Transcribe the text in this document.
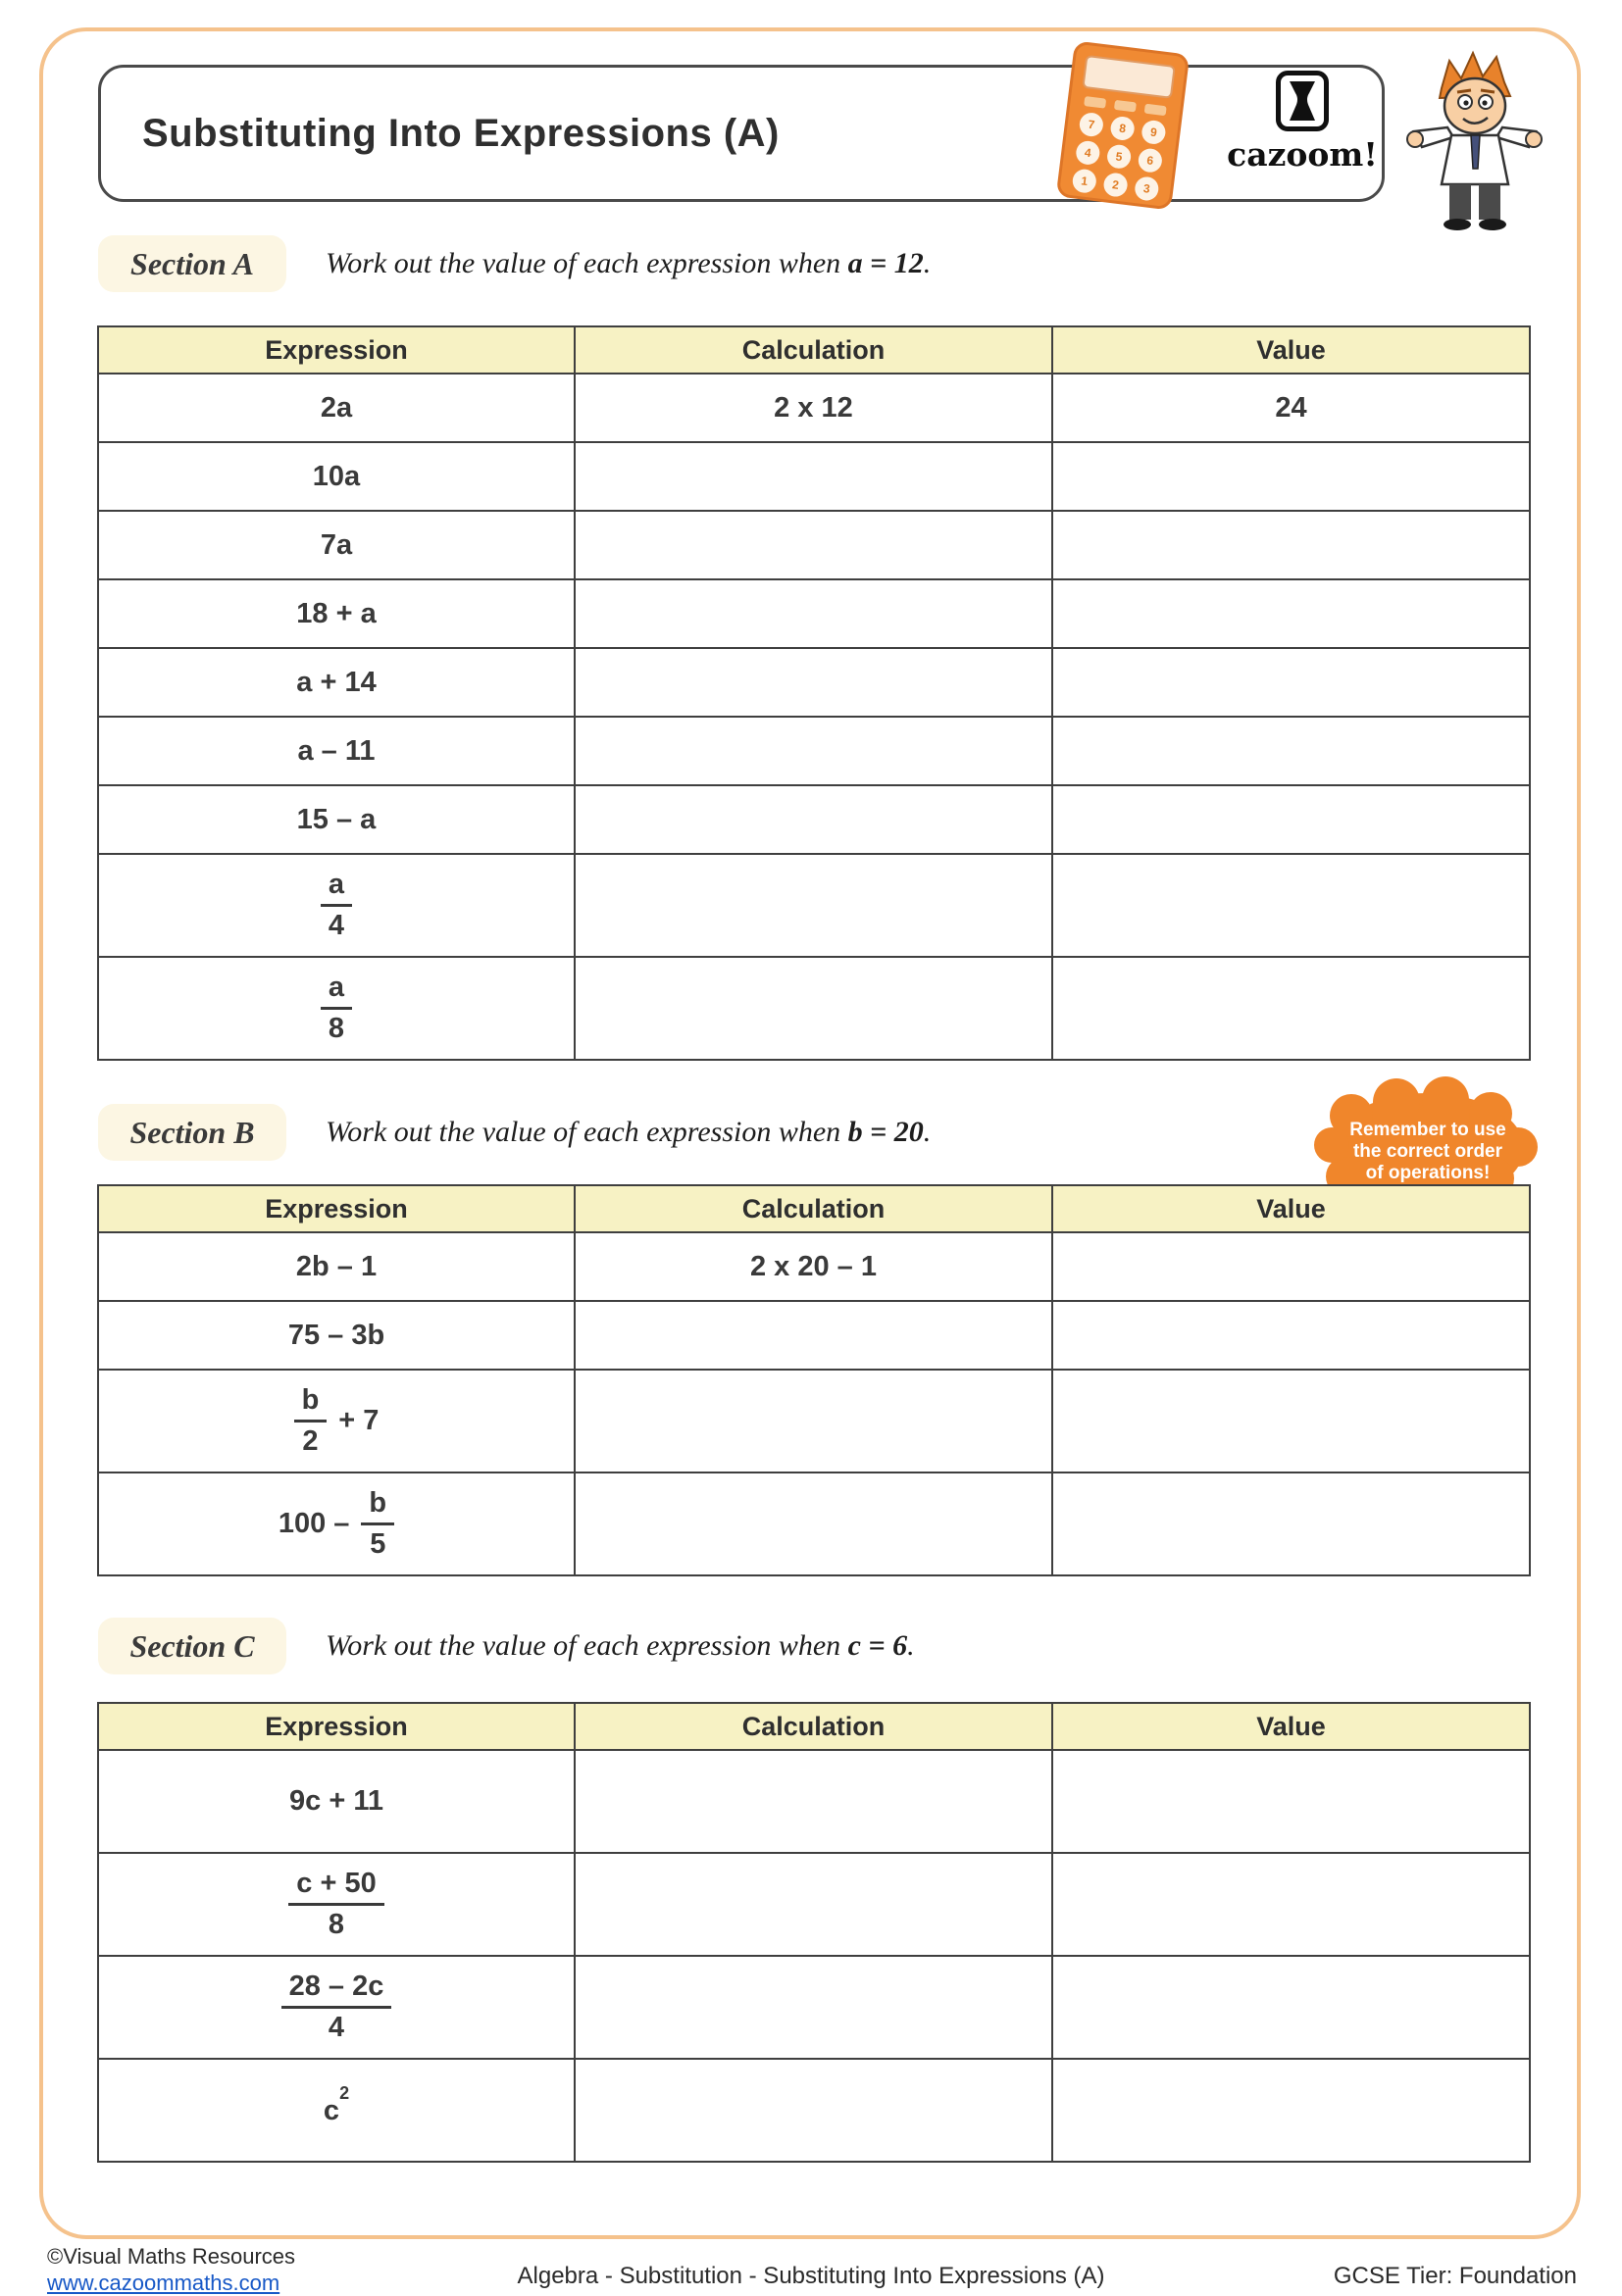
Substituting Into Expressions (A)	7	8	9
4	5	6
1	2	3
cazoom!
Section A	Work out the value of each expression when a = 12.
Expression	Calculation	Value
2a	2 x 12	24
10a		
7a		
18 + a		
a + 14		
a – 11		
15 – a		

$\frac{a}{4}$

$\frac{a}{8}$

Section B	Work out the value of each expression when b = 20.	Remember to use
the correct order
of operations!
Expression	Calculation	Value
2b – 1	2 x 20 – 1	
75 – 3b		

$\frac{b}{2} + 7$		

$100 - \frac{b}{5}$

Section C	Work out the value of each expression when c = 6.
Expression	Calculation	Value
9c + 11		

$\frac{c + 50}{8}$

$\frac{28 - 2c}{4}$

$c^2$		
©Visual Maths Resources
www.cazoommaths.com	Algebra - Substitution - Substituting Into Expressions (A)	GCSE Tier: Foundation
